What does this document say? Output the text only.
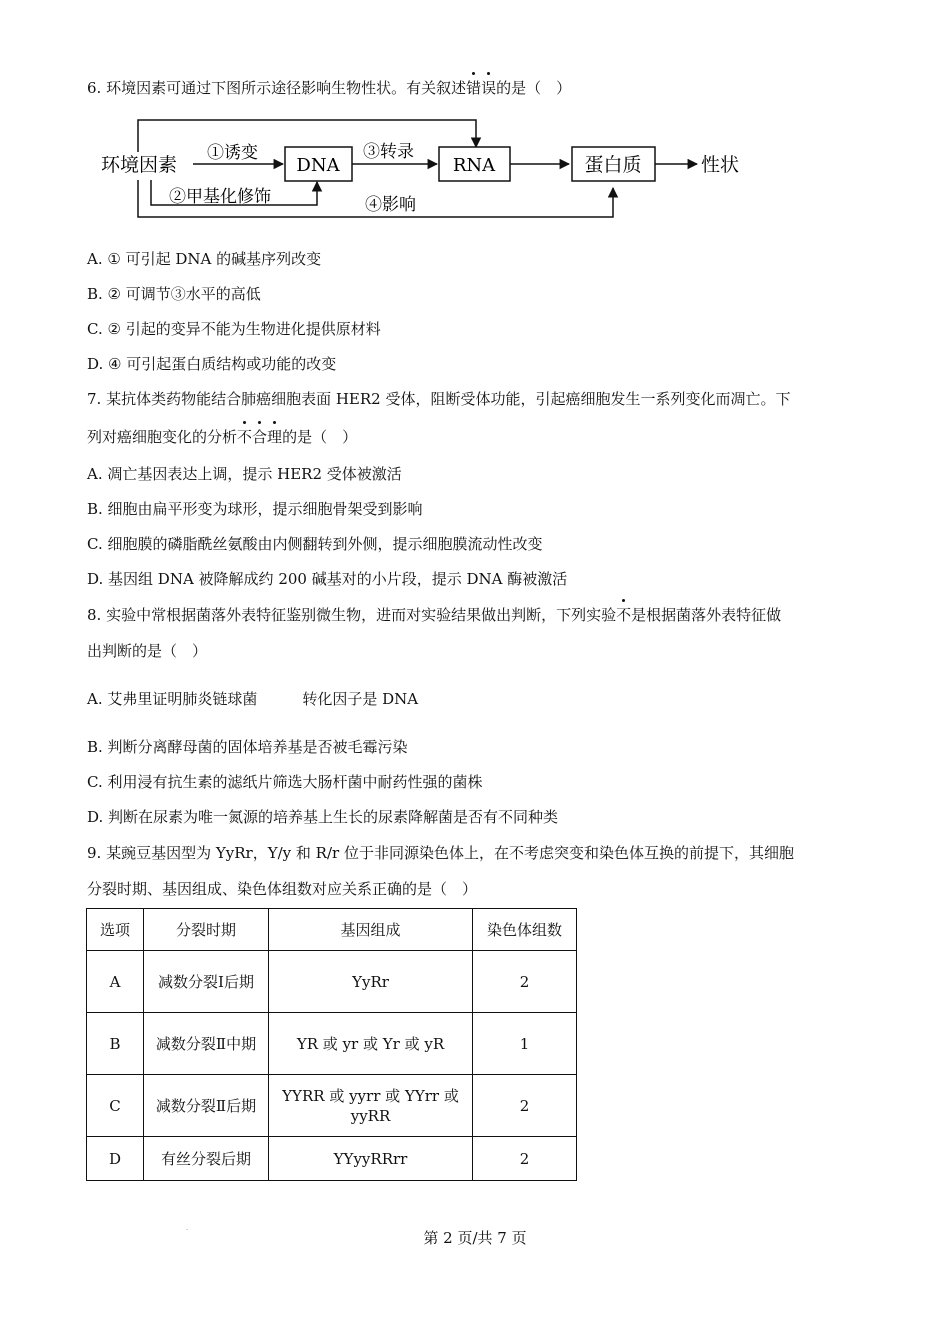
6. 环境因素可通过下图所示途径影响生物性状。有关叙述错误的是（　）
环境因素	DNA	RNA	蛋白质	性状
①诱变	③转录
②甲基化修饰	④影响
A. ① 可引起 DNA 的碱基序列改变
B. ② 可调节③水平的高低
C. ② 引起的变异不能为生物进化提供原材料
D. ④ 可引起蛋白质结构或功能的改变
7. 某抗体类药物能结合肺癌细胞表面 HER2 受体，阻断受体功能，引起癌细胞发生一系列变化而凋亡。下
列对癌细胞变化的分析不合理的是（　）
A. 凋亡基因表达上调，提示 HER2 受体被激活
B. 细胞由扁平形变为球形，提示细胞骨架受到影响
C. 细胞膜的磷脂酰丝氨酸由内侧翻转到外侧，提示细胞膜流动性改变
D. 基因组 DNA 被降解成约 200 碱基对的小片段，提示 DNA 酶被激活
8. 实验中常根据菌落外表特征鉴别微生物，进而对实验结果做出判断，下列实验不是根据菌落外表特征做
出判断的是（　）
A. 艾弗里证明肺炎链球菌　　　转化因子是 DNA
B. 判断分离酵母菌的固体培养基是否被毛霉污染
C. 利用浸有抗生素的滤纸片筛选大肠杆菌中耐药性强的菌株
D. 判断在尿素为唯一氮源的培养基上生长的尿素降解菌是否有不同种类
9. 某豌豆基因型为 YyRr，Y/y 和 R/r 位于非同源染色体上，在不考虑突变和染色体互换的前提下，其细胞
分裂时期、基因组成、染色体组数对应关系正确的是（　）
选项	分裂时期	基因组成	染色体组数
A	减数分裂Ⅰ后期	YyRr	2
B	减数分裂Ⅱ中期	YR 或 yr 或 Yr 或 yR	1
C	减数分裂Ⅱ后期	YYRR 或 yyrr 或 YYrr 或 yyRR	2
D	有丝分裂后期	YYyyRRrr	2
·	第 2 页/共 7 页
